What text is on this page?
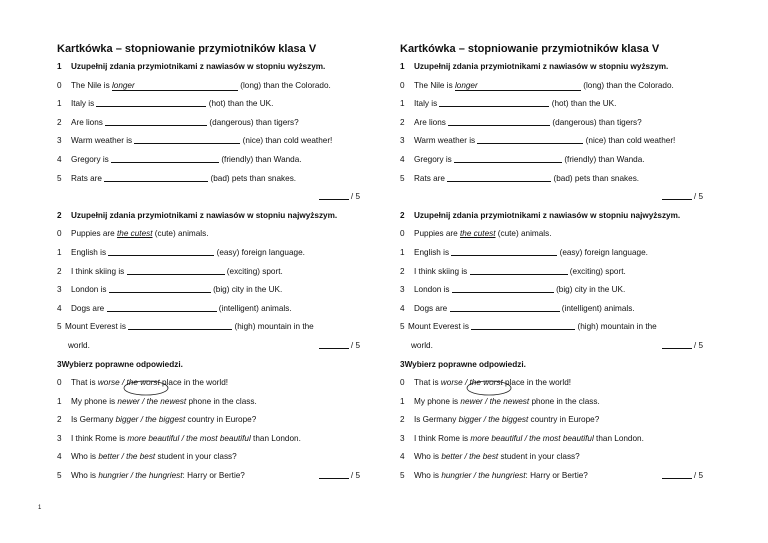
Kartkówka – stopniowanie przymiotników klasa V
1 Uzupełnij zdania przymiotnikami z nawiasów w stopniu wyższym.
0 The Nile is longer	(long) than the Colorado.
1 Italy is	(hot) than the UK.
2 Are lions	(dangerous) than tigers?
3 Warm weather is	(nice) than cold weather!
4 Gregory is	(friendly) than Wanda.
5 Rats are	(bad) pets than snakes.
/ 5
2 Uzupełnij zdania przymiotnikami z nawiasów w stopniu najwyższym.
0 Puppies are the cutest (cute) animals.
1 English is	(easy) foreign language.
2 I think skiing is	(exciting) sport.
3 London is	(big) city in the UK.
4 Dogs are	(intelligent) animals.
5 Mount Everest is	(high) mountain in the
world.	/ 5
3Wybierz poprawne odpowiedzi.
0 That is worse /
the worst place in the world!
1 My phone is newer / the newest phone in the class.
2 Is Germany bigger / the biggest country in Europe?
3 I think Rome is more beautiful / the most beautiful than London.
4 Who is better / the best student in your class?
5 Who is hungrier / the hungriest: Harry or Bertie?	/ 5
Kartkówka – stopniowanie przymiotników klasa V
1 Uzupełnij zdania przymiotnikami z nawiasów w stopniu wyższym.
0 The Nile is longer	(long) than the Colorado.
1 Italy is	(hot) than the UK.
2 Are lions	(dangerous) than tigers?
3 Warm weather is	(nice) than cold weather!
4 Gregory is	(friendly) than Wanda.
5 Rats are	(bad) pets than snakes.
/ 5
2 Uzupełnij zdania przymiotnikami z nawiasów w stopniu najwyższym.
0 Puppies are the cutest (cute) animals.
1 English is	(easy) foreign language.
2 I think skiing is	(exciting) sport.
3 London is	(big) city in the UK.
4 Dogs are	(intelligent) animals.
5 Mount Everest is	(high) mountain in the
world.	/ 5
3Wybierz poprawne odpowiedzi.
0 That is worse /
the worst place in the world!
1 My phone is newer / the newest phone in the class.
2 Is Germany bigger / the biggest country in Europe?
3 I think Rome is more beautiful / the most beautiful than London.
4 Who is better / the best student in your class?
5 Who is hungrier / the hungriest: Harry or Bertie?	/ 5
1
